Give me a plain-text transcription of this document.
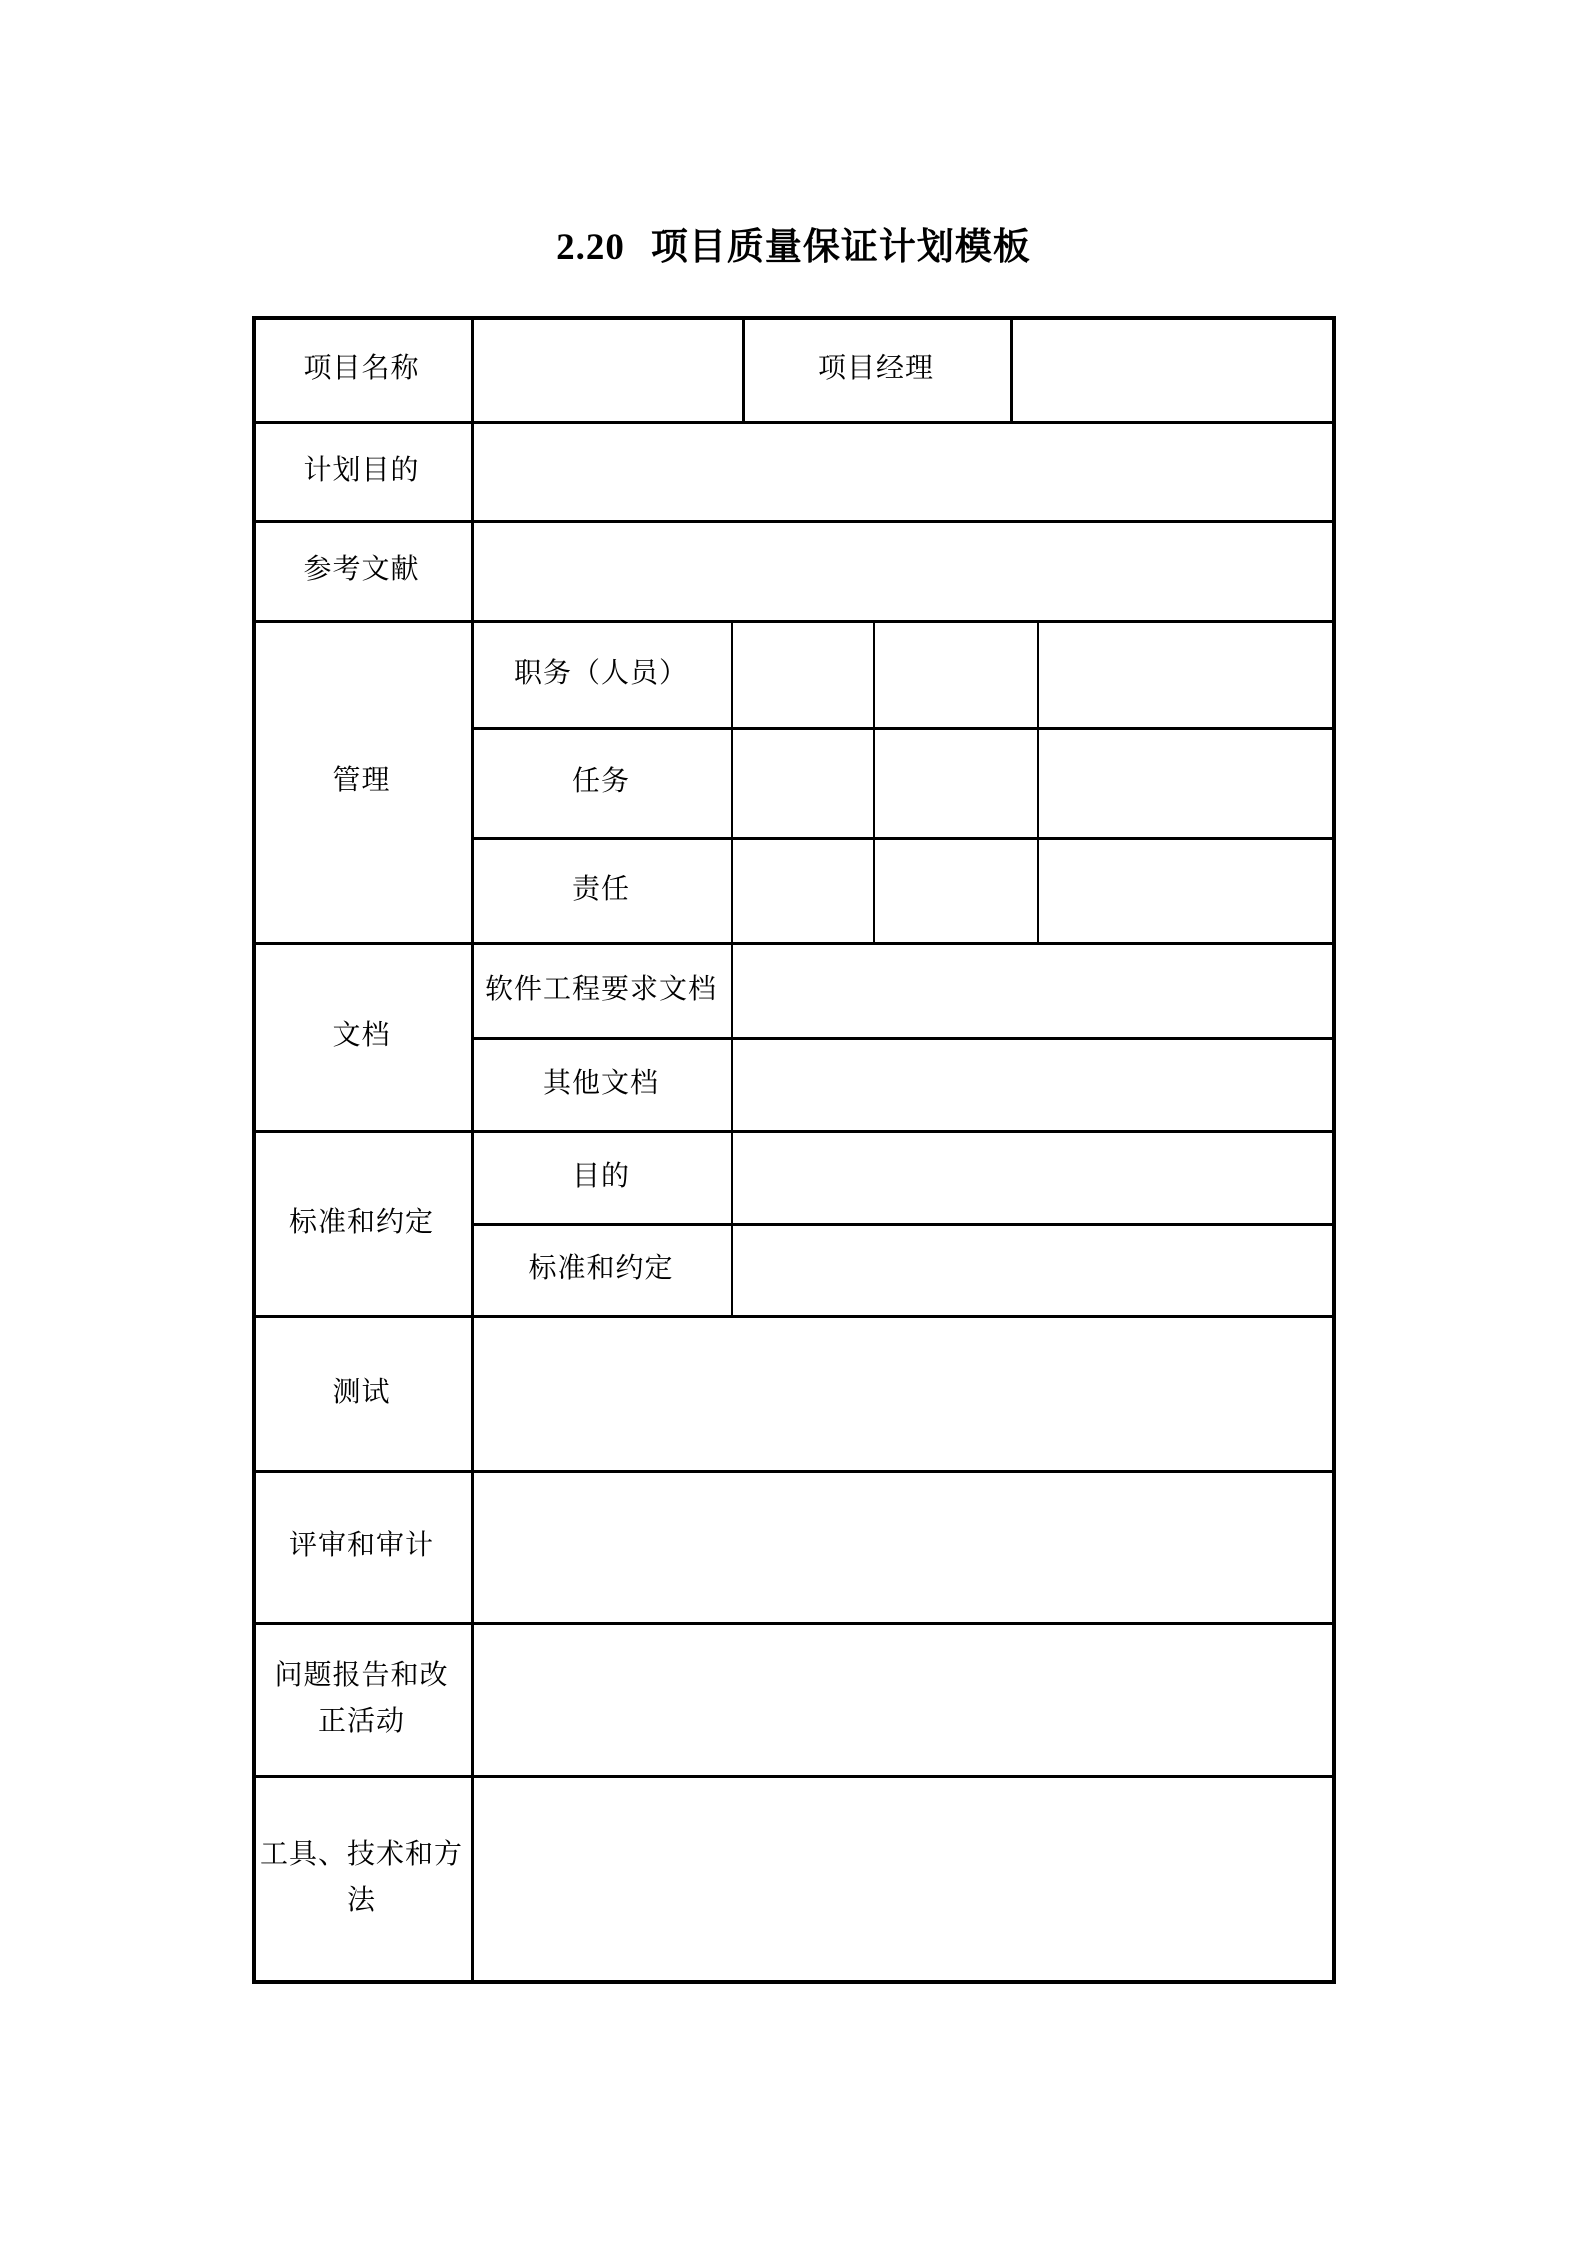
2.20 项目质量保证计划模板
项目名称	项目经理
计划目的
参考文献
管理
职务（人员）
任务
责任
文档
软件工程要求文档
其他文档
标准和约定
目的
标准和约定
测试
评审和审计
问题报告和改
正活动
工具、技术和方
法
